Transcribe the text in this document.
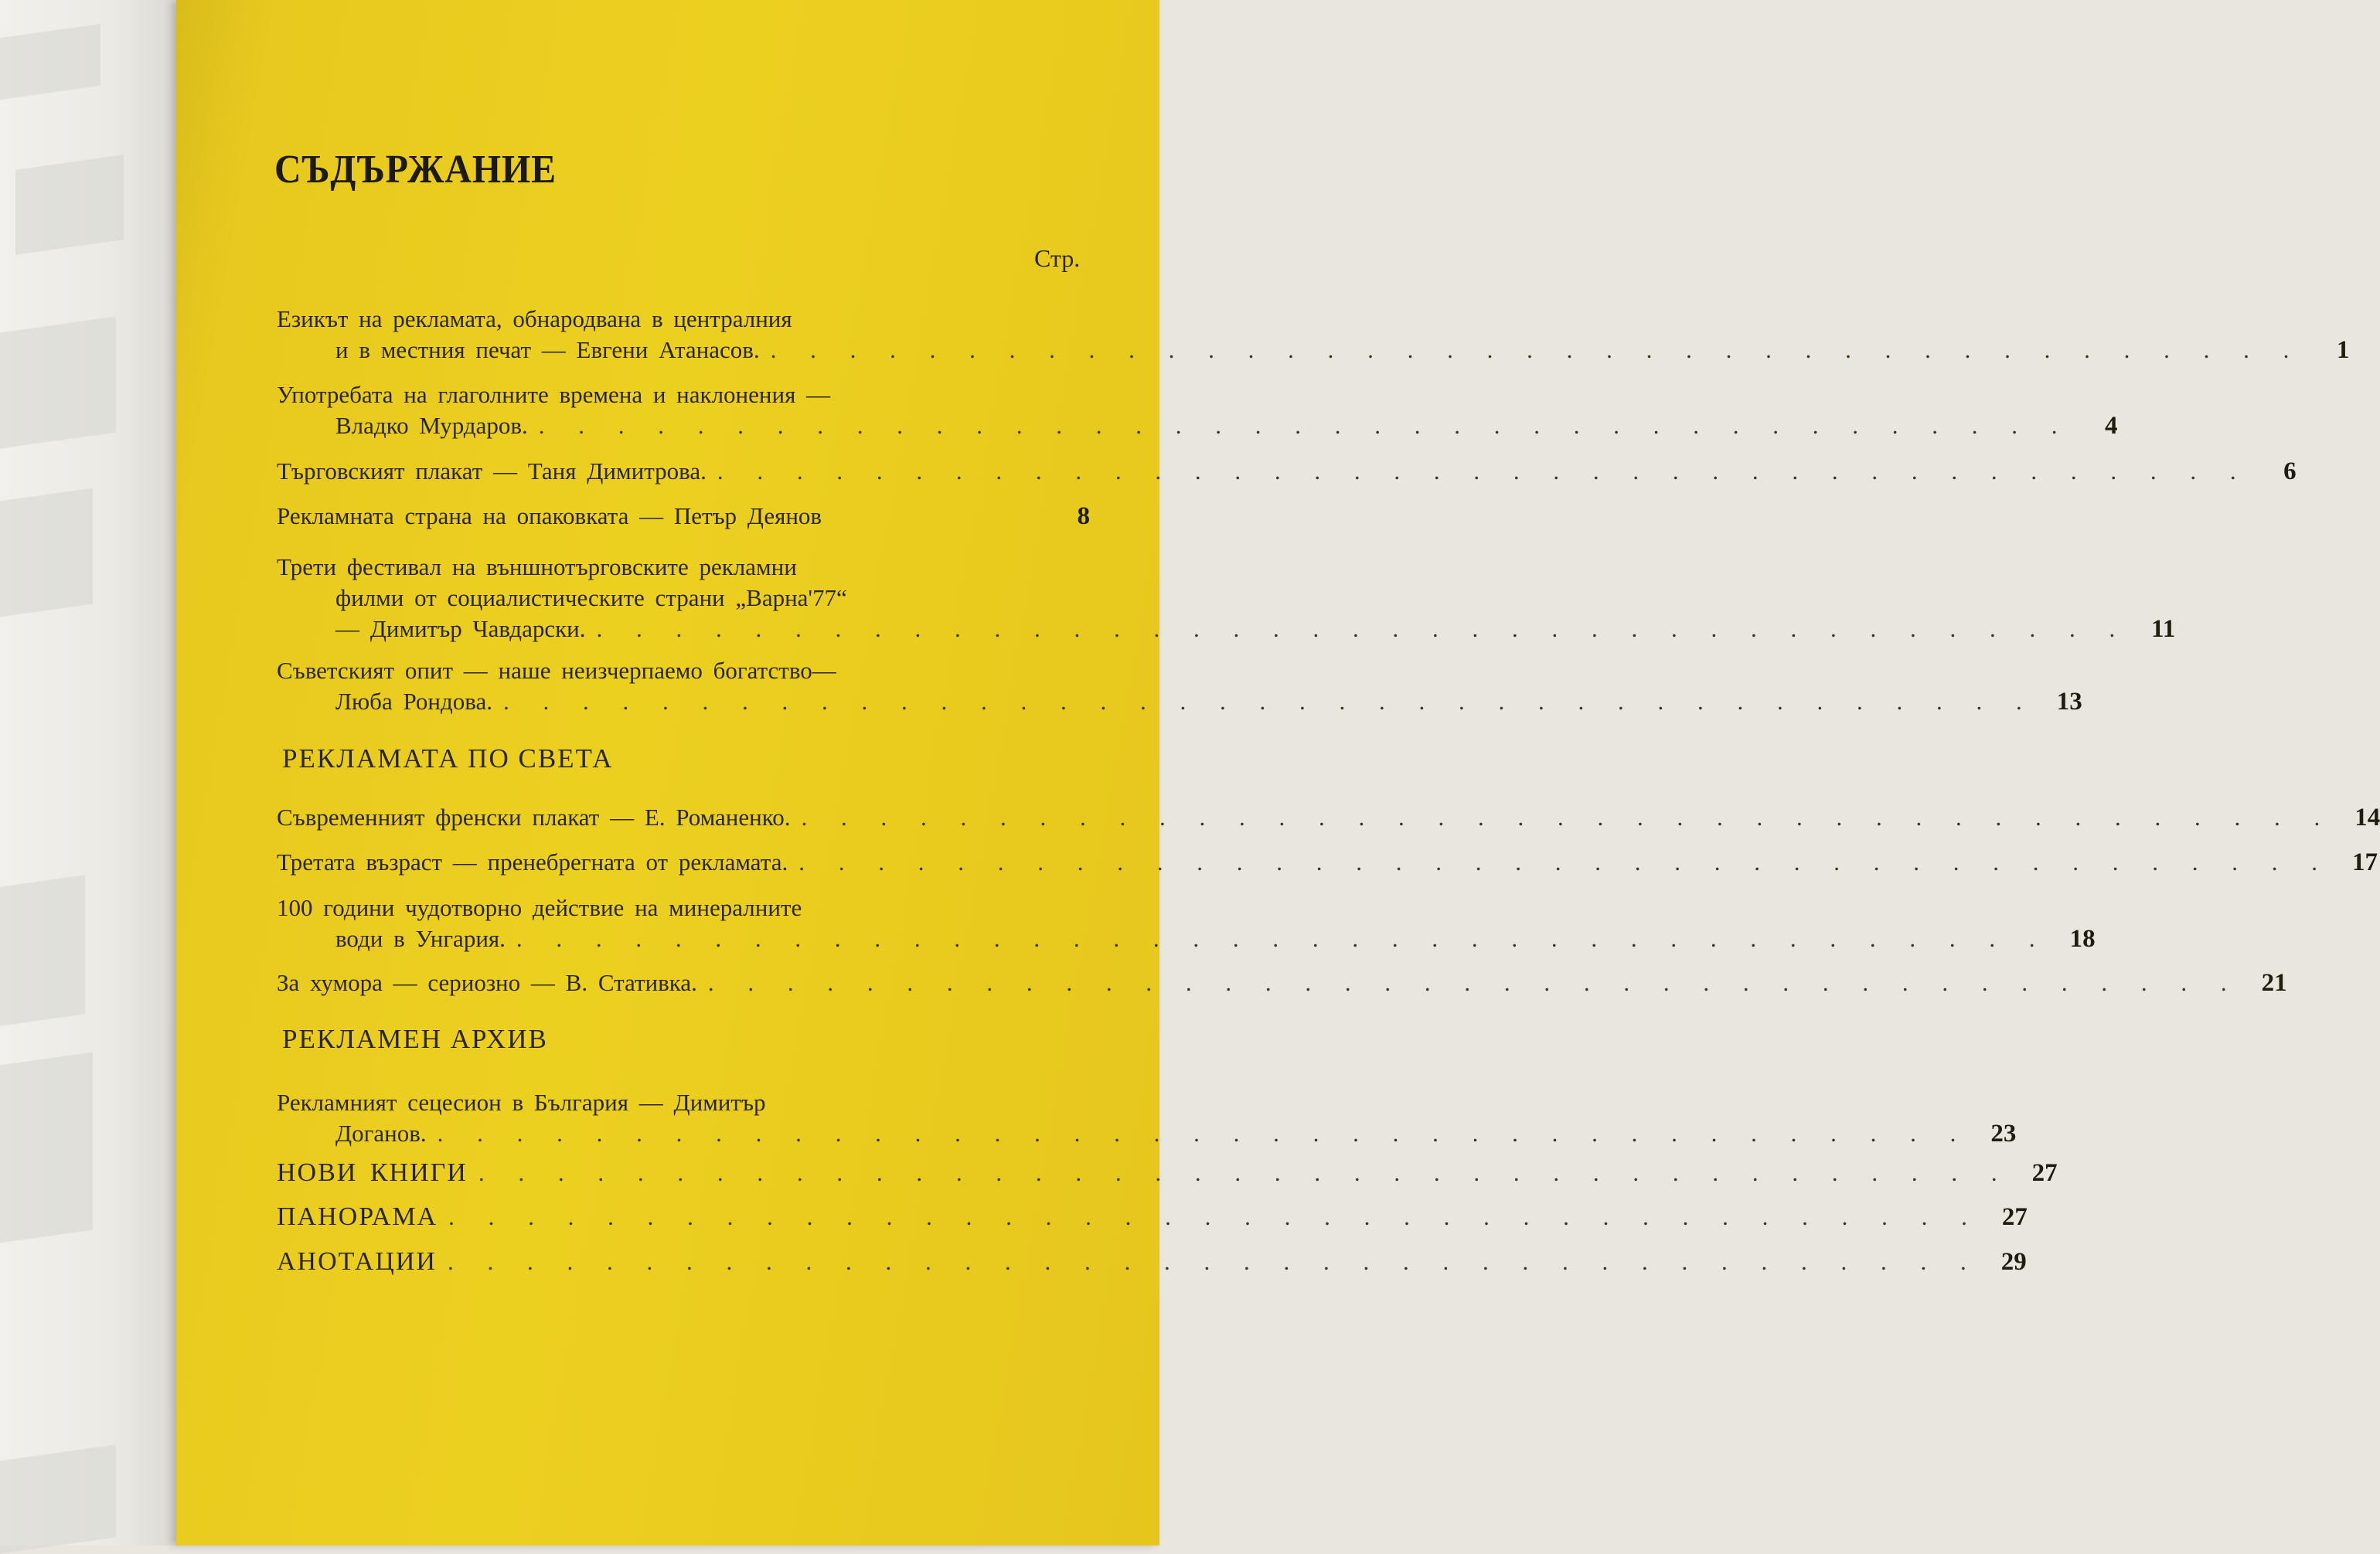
СЪДЪРЖАНИЕ
Стр.
Езикът на рекламата, обнародвана в централния
и в местния печат — Евгени Атанасов. . . . . . . . . . . . . . . . . . . . . . . . . . . . . . . . . . . . . . . .	1
Употребата на глаголните времена и наклонения —
Владко Мурдаров. . . . . . . . . . . . . . . . . . . . . . . . . . . . . . . . . . . . . . . .	4
Търговският плакат — Таня Димитрова. . . . . . . . . . . . . . . . . . . . . . . . . . . . . . . . . . . . . . . .	6
Рекламната страна на опаковката — Петър Деянов	8
Трети фестивал на външнотърговските рекламни
филми от социалистическите страни „Варна'77“
— Димитър Чавдарски. . . . . . . . . . . . . . . . . . . . . . . . . . . . . . . . . . . . . . . . 11
Съветският опит — наше неизчерпаемо богатство—
Люба Рондова. . . . . . . . . . . . . . . . . . . . . . . . . . . . . . . . . . . . . . . . 13
РЕКЛАМАТА ПО СВЕТА
Съвременният френски плакат — Е. Романенко. . . . . . . . . . . . . . . . . . . . . . . . . . . . . . . . . . . . . . . . 14
Третата възраст — пренебрегната от рекламата. . . . . . . . . . . . . . . . . . . . . . . . . . . . . . . . . . . . . . . . 17
100 години чудотворно действие на минералните
води в Унгария. . . . . . . . . . . . . . . . . . . . . . . . . . . . . . . . . . . . . . . . 18
За хумора — сериозно — В. Стативка. . . . . . . . . . . . . . . . . . . . . . . . . . . . . . . . . . . . . . . . 21
РЕКЛАМЕН АРХИВ
Рекламният сецесион в България — Димитър
Доганов. . . . . . . . . . . . . . . . . . . . . . . . . . . . . . . . . . . . . . . . 23
НОВИ КНИГИ . . . . . . . . . . . . . . . . . . . . . . . . . . . . . . . . . . . . . . . 27
ПАНОРАМА . . . . . . . . . . . . . . . . . . . . . . . . . . . . . . . . . . . . . . . 27
АНОТАЦИИ . . . . . . . . . . . . . . . . . . . . . . . . . . . . . . . . . . . . . . . 29
